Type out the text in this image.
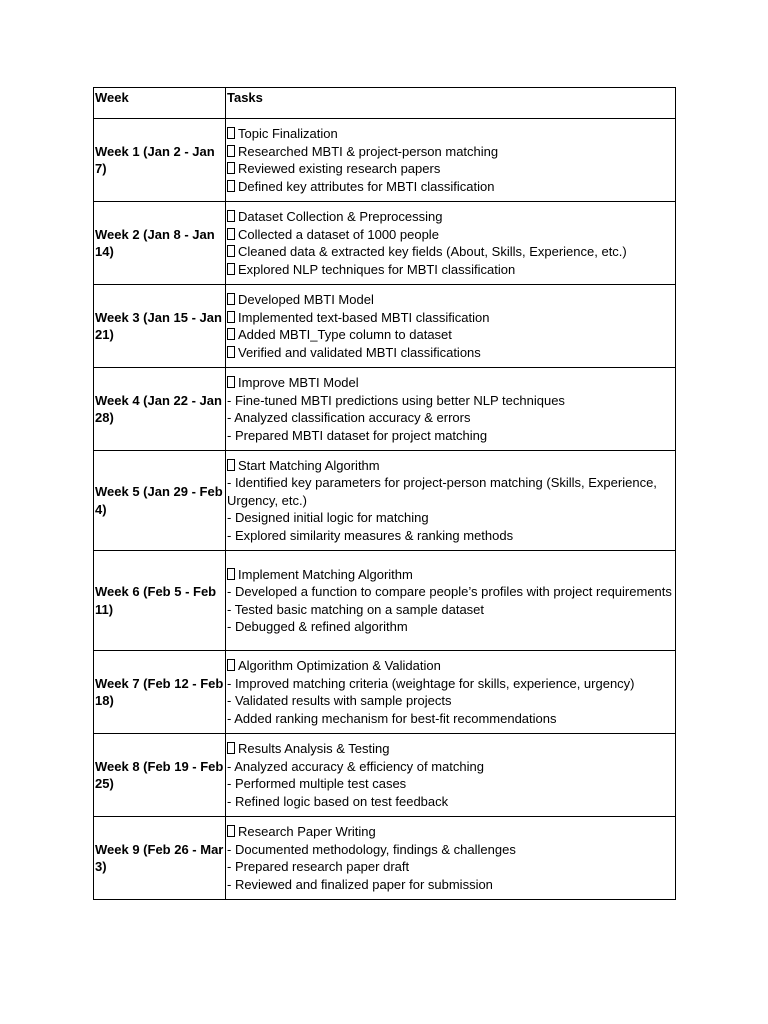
Week	Tasks
Week 1 (Jan 2 - Jan 7)	Topic Finalization
Researched MBTI & project-person matching
Reviewed existing research papers
Defined key attributes for MBTI classification

Week 2 (Jan 8 - Jan 14)	Dataset Collection & Preprocessing
Collected a dataset of 1000 people
Cleaned data & extracted key fields (About, Skills, Experience, etc.)
Explored NLP techniques for MBTI classification

Week 3 (Jan 15 - Jan 21)	Developed MBTI Model
Implemented text-based MBTI classification
Added MBTI_Type column to dataset
Verified and validated MBTI classifications

Week 4 (Jan 22 - Jan 28)	Improve MBTI Model
- Fine-tuned MBTI predictions using better NLP techniques
- Analyzed classification accuracy & errors
- Prepared MBTI dataset for project matching

Week 5 (Jan 29 - Feb 4)	Start Matching Algorithm
- Identified key parameters for project-person matching (Skills, Experience, Urgency, etc.)
- Designed initial logic for matching
- Explored similarity measures & ranking methods

Week 6 (Feb 5 - Feb 11)	Implement Matching Algorithm
- Developed a function to compare people’s profiles with project requirements
- Tested basic matching on a sample dataset
- Debugged & refined algorithm

Week 7 (Feb 12 - Feb 18)	Algorithm Optimization & Validation
- Improved matching criteria (weightage for skills, experience, urgency)
- Validated results with sample projects
- Added ranking mechanism for best-fit recommendations

Week 8 (Feb 19 - Feb 25)	Results Analysis & Testing
- Analyzed accuracy & efficiency of matching
- Performed multiple test cases
- Refined logic based on test feedback

Week 9 (Feb 26 - Mar 3)	Research Paper Writing
- Documented methodology, findings & challenges
- Prepared research paper draft
- Reviewed and finalized paper for submission
